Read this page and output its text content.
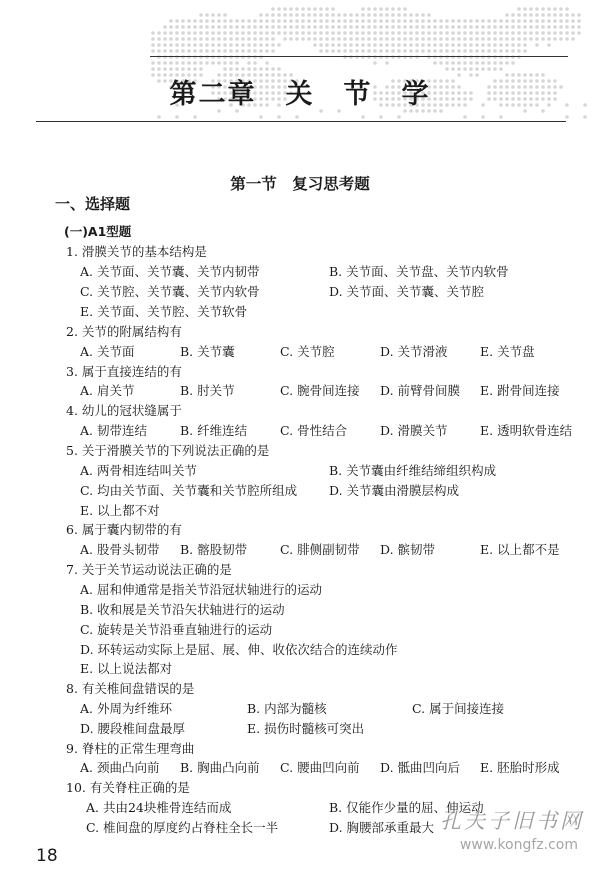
第二章　关　节　学
第一节　复习思考题
一、选择题
(一)A1型题
1. 滑膜关节的基本结构是
A. 关节面、关节囊、关节内韧带	B. 关节面、关节盘、关节内软骨
C. 关节腔、关节囊、关节内软骨	D. 关节面、关节囊、关节腔
E. 关节面、关节腔、关节软骨
2. 关节的附属结构有
A. 关节面	B. 关节囊	C. 关节腔	D. 关节滑液	E. 关节盘
3. 属于直接连结的有
A. 肩关节	B. 肘关节	C. 腕骨间连接 D. 前臂骨间膜 E. 跗骨间连接
4. 幼儿的冠状缝属于
A. 韧带连结	B. 纤维连结	C. 骨性结合	D. 滑膜关节	E. 透明软骨连结
5. 关于滑膜关节的下列说法正确的是
A. 两骨相连结叫关节	B. 关节囊由纤维结缔组织构成
C. 均由关节面、关节囊和关节腔所组成	D. 关节囊由滑膜层构成
E. 以上都不对
6. 属于囊内韧带的有
A. 股骨头韧带 B. 髂股韧带	C. 腓侧副韧带 D. 髌韧带	E. 以上都不是
7. 关于关节运动说法正确的是
A. 屈和伸通常是指关节沿冠状轴进行的运动
B. 收和展是关节沿矢状轴进行的运动
C. 旋转是关节沿垂直轴进行的运动
D. 环转运动实际上是屈、展、伸、收依次结合的连续动作
E. 以上说法都对
8. 有关椎间盘错误的是
A. 外周为纤维环	B. 内部为髓核	C. 属于间接连接
D. 腰段椎间盘最厚	E. 损伤时髓核可突出
9. 脊柱的正常生理弯曲
A. 颈曲凸向前 B. 胸曲凸向前 C. 腰曲凹向前 D. 骶曲凹向后 E. 胚胎时形成
10. 有关脊柱正确的是
A. 共由24块椎骨连结而成	B. 仅能作少量的屈、伸运动
C. 椎间盘的厚度约占脊柱全长一半	D. 胸腰部承重最大
18
孔夫子旧书网
www.kongfz.com
